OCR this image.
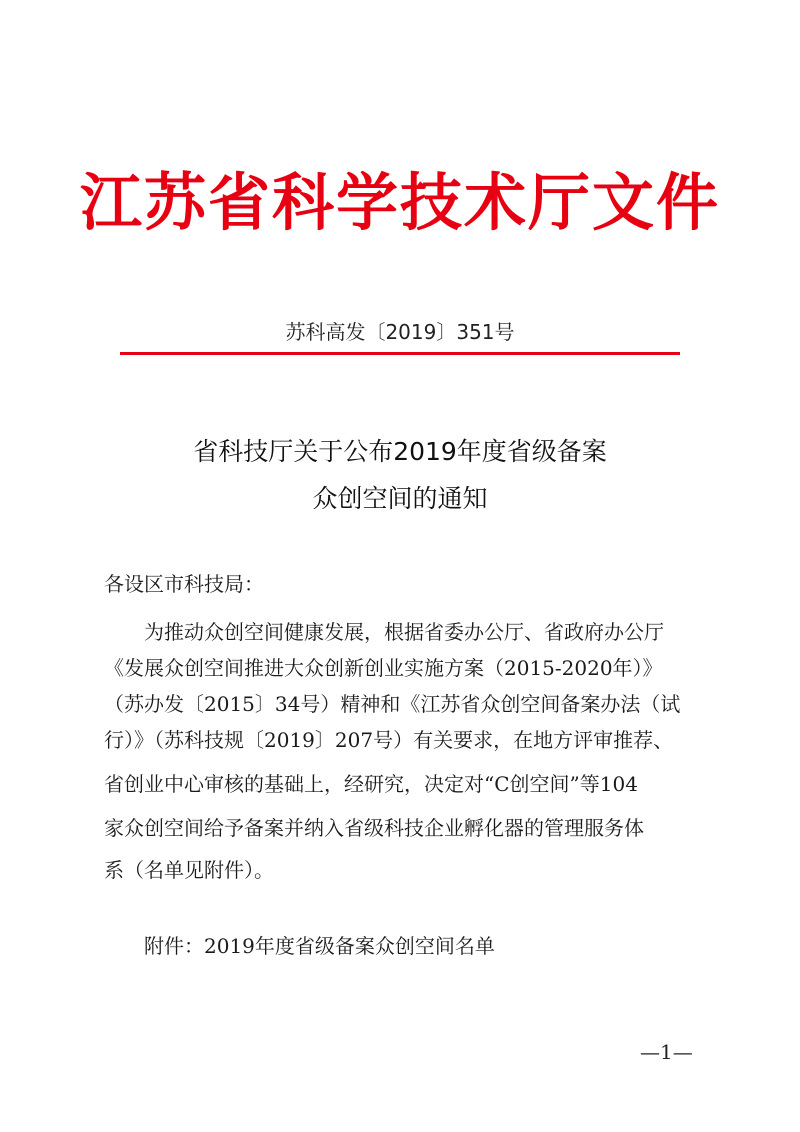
江苏省科学技术厅文件
苏科高发〔2019〕351号
省科技厅关于公布2019年度省级备案
众创空间的通知
各设区市科技局：
为推动众创空间健康发展，根据省委办公厅、省政府办公厅
《发展众创空间推进大众创新创业实施方案（2015-2020年）》
（苏办发〔2015〕34号）精神和《江苏省众创空间备案办法（试
行）》（苏科技规〔2019〕207号）有关要求，在地方评审推荐、
省创业中心审核的基础上，经研究，决定对“C创空间”等104
家众创空间给予备案并纳入省级科技企业孵化器的管理服务体
系（名单见附件）。
附件：2019年度省级备案众创空间名单
—1—
